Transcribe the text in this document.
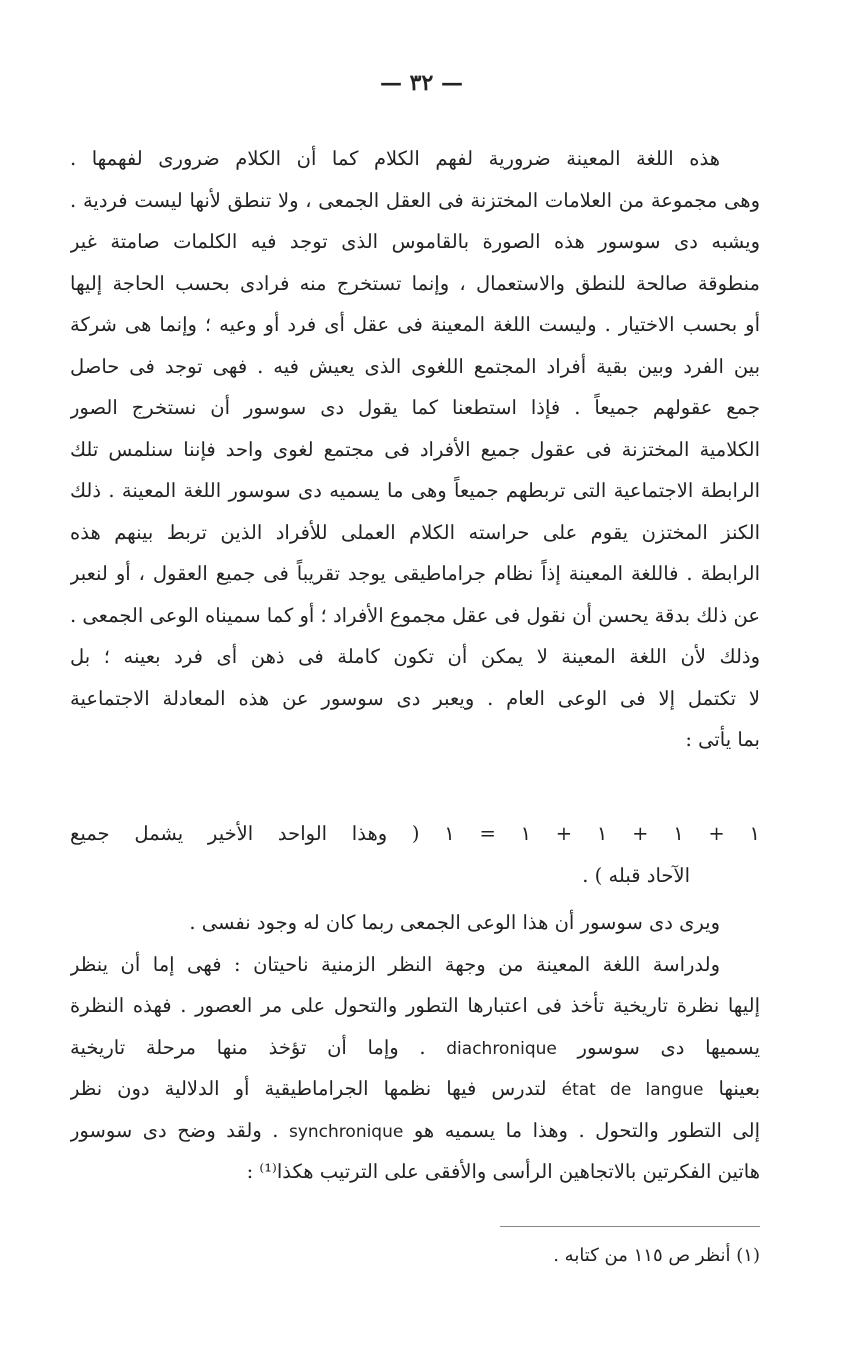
— ٣٢ —
هذه اللغة المعينة ضرورية لفهم الكلام كما أن الكلام ضرورى لفهمها .
وهى مجموعة من العلامات المختزنة فى العقل الجمعى ، ولا تنطق لأنها ليست فردية .
ويشبه دى سوسور هذه الصورة بالقاموس الذى توجد فيه الكلمات صامتة غير
منطوقة صالحة للنطق والاستعمال ، وإنما تستخرج منه فرادى بحسب الحاجة إليها
أو بحسب الاختيار . وليست اللغة المعينة فى عقل أى فرد أو وعيه ؛ وإنما هى شركة
بين الفرد وبين بقية أفراد المجتمع اللغوى الذى يعيش فيه . فهى توجد فى حاصل
جمع عقولهم جميعاً . فإذا استطعنا كما يقول دى سوسور أن نستخرج الصور
الكلامية المختزنة فى عقول جميع الأفراد فى مجتمع لغوى واحد فإننا سنلمس تلك
الرابطة الاجتماعية التى تربطهم جميعاً وهى ما يسميه دى سوسور اللغة المعينة . ذلك
الكنز المختزن يقوم على حراسته الكلام العملى للأفراد الذين تربط بينهم هذه
الرابطة . فاللغة المعينة إذاً نظام جراماطيقى يوجد تقريباً فى جميع العقول ، أو لنعبر
عن ذلك بدقة يحسن أن نقول فى عقل مجموع الأفراد ؛ أو كما سميناه الوعى الجمعى .
وذلك لأن اللغة المعينة لا يمكن أن تكون كاملة فى ذهن أى فرد بعينه ؛ بل
لا تكتمل إلا فى الوعى العام . ويعبر دى سوسور عن هذه المعادلة الاجتماعية
بما يأتى :
١ + ١ + ١ + ١ = ١ ( وهذا الواحد الأخير يشمل جميع
الآحاد قبله ) .
ويرى دى سوسور أن هذا الوعى الجمعى ربما كان له وجود نفسى .
ولدراسة اللغة المعينة من وجهة النظر الزمنية ناحيتان : فهى إما أن ينظر
إليها نظرة تاريخية تأخذ فى اعتبارها التطور والتحول على مر العصور . فهذه النظرة
يسميها دى سوسور diachronique . وإما أن تؤخذ منها مرحلة تاريخية
بعينها état de langue لتدرس فيها نظمها الجراماطيقية أو الدلالية دون نظر
إلى التطور والتحول . وهذا ما يسميه هو synchronique . ولقد وضح دى سوسور
هاتين الفكرتين بالاتجاهين الرأسى والأفقى على الترتيب هكذا⁽¹⁾ :
(١) أنظر ص ١١٥ من كتابه .
